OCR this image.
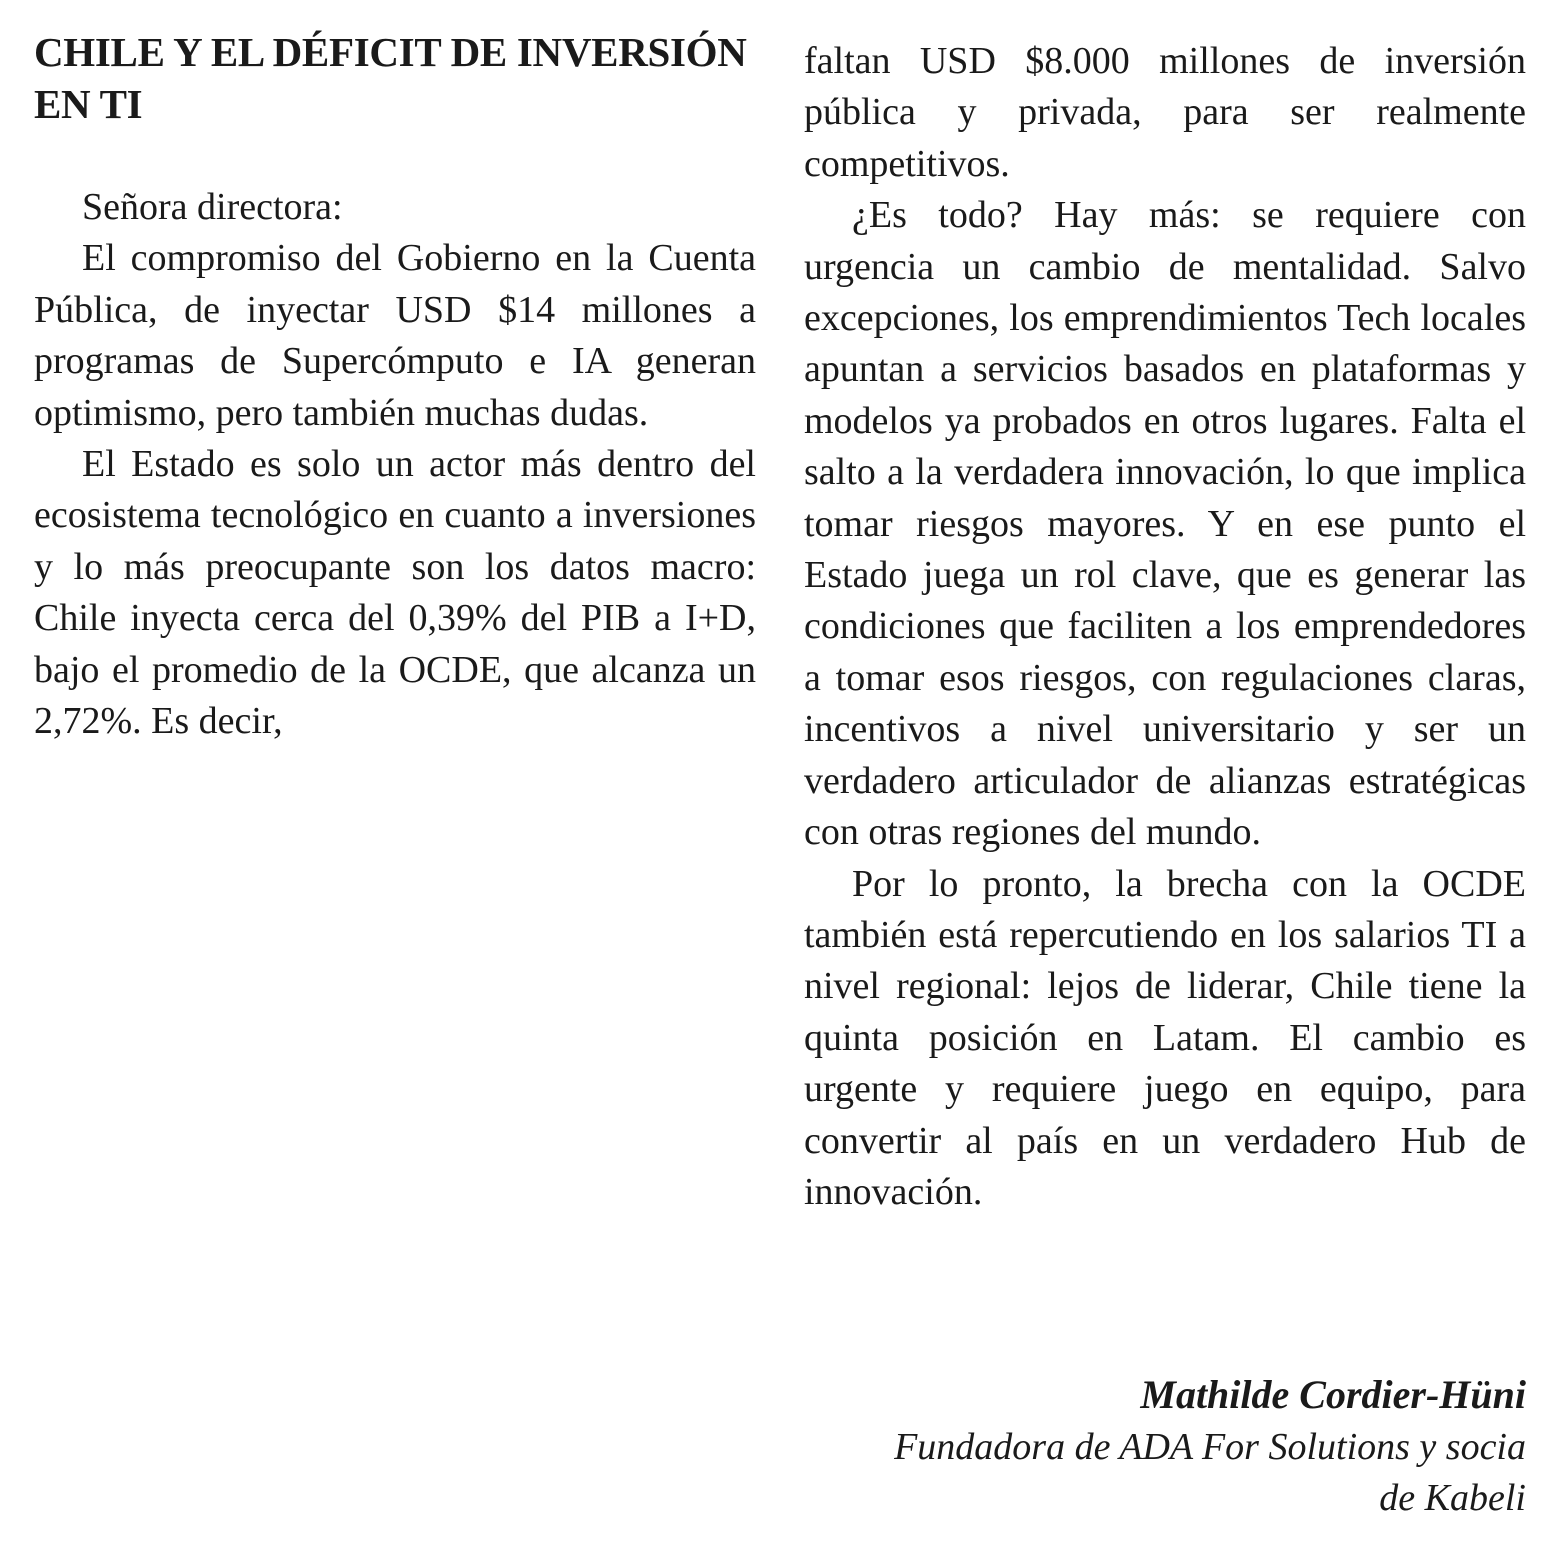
CHILE Y EL DÉFICIT DE INVERSIÓN EN TI

Señora directora:

El compromiso del Gobierno en la Cuenta Pública, de inyectar USD $14 millones a programas de Supercómputo e IA generan optimismo, pero también muchas dudas.

El Estado es solo un actor más dentro del ecosistema tecnológico en cuanto a inversiones y lo más preocupante son los datos macro: Chile inyecta cerca del 0,39% del PIB a I+D, bajo el promedio de la OCDE, que alcanza un 2,72%. Es decir,

faltan USD $8.000 millones de inversión pública y privada, para ser realmente competitivos.

¿Es todo? Hay más: se requiere con urgencia un cambio de mentalidad. Salvo excepciones, los emprendimientos Tech locales apuntan a servicios basados en plataformas y modelos ya probados en otros lugares. Falta el salto a la verdadera innovación, lo que implica tomar riesgos mayores. Y en ese punto el Estado juega un rol clave, que es generar las condiciones que faciliten a los emprendedores a tomar esos riesgos, con regulaciones claras, incentivos a nivel universitario y ser un verdadero articulador de alianzas estratégicas con otras regiones del mundo.

Por lo pronto, la brecha con la OCDE también está repercutiendo en los salarios TI a nivel regional: lejos de liderar, Chile tiene la quinta posición en Latam. El cambio es urgente y requiere juego en equipo, para convertir al país en un verdadero Hub de innovación.

Mathilde Cordier-Hüni
Fundadora de ADA For Solutions y socia de Kabeli
